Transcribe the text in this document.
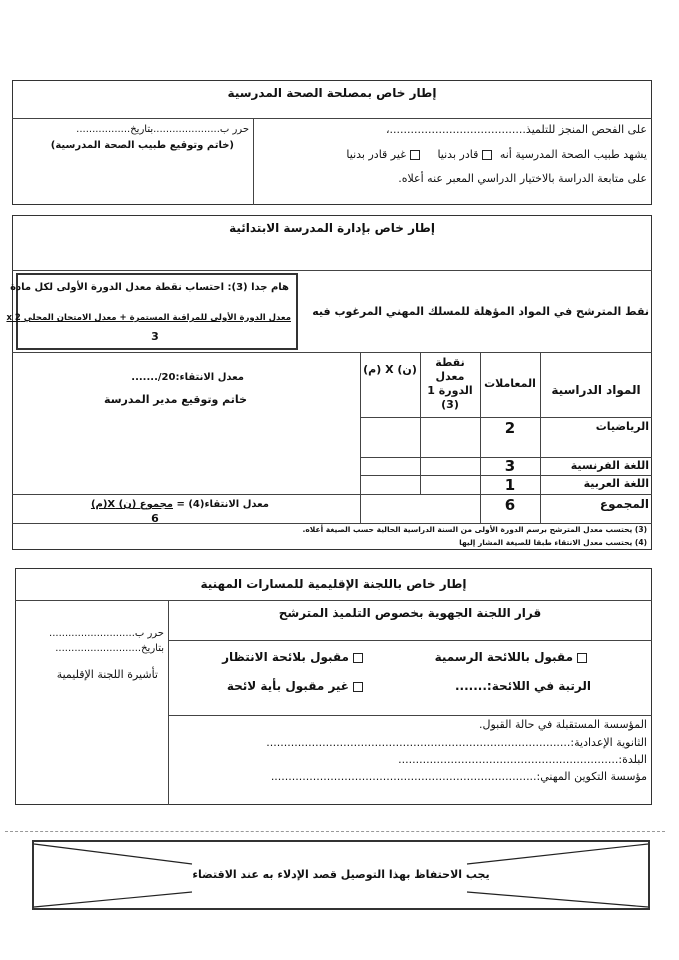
إطار خاص بمصلحة الصحة المدرسية
على الفحص المنجز للتلميذ.......................................،
يشهد طبيب الصحة المدرسية أنه قادر بدنيا غير قادر بدنيا
على متابعة الدراسة بالاختيار الدراسي المعبر عنه أعلاه.
حرر ب.....................بتاريخ.................
(خاتم وتوقيع طبيب الصحة المدرسية)
إطار خاص بإدارة المدرسة الابتدائية
هام جدا (3): احتساب نقطة معدل الدورة الأولى لكل مادة
معدل الدورة الأولى للمراقبة المستمرة + معدل الامتحان المحلي x 2
3
نقط المترشح في المواد المؤهلة للمسلك المهني المرغوب فيه
المواد الدراسية
المعاملات
نقطة معدل الدورة 1 (3)
(ن) X (م)
الرياضيات
2
اللغة الفرنسية
3
اللغة العربية
1
المجموع
6
معدل الانتقاء:20/.......
خاتم وتوقيع مدير المدرسة
معدل الانتقاء(4) = مجموع (ن) X(م)
6
(3) يحتسب معدل المترشح برسم الدورة الأولى من السنة الدراسية الحالية حسب الصيغة أعلاه.
(4) يحتسب معدل الانتقاء طبقا للصيغة المشار إليها
إطار خاص باللجنة الإقليمية للمسارات المهنية
قرار اللجنة الجهوية بخصوص التلميذ المترشح
مقبول باللائحة الرسمية
مقبول بلائحة الانتظار
الرتبة في اللائحة:.......
غير مقبول بأية لائحة
المؤسسة المستقبلة في حالة القبول.
الثانوية الإعدادية:.......................................................................................
البلدة:...............................................................
مؤسسة التكوين المهني:............................................................................
حرر ب...........................
بتاريخ...........................
تأشيرة اللجنة الإقليمية
يجب الاحتفاظ بهذا التوصيل قصد الإدلاء به عند الاقتضاء
